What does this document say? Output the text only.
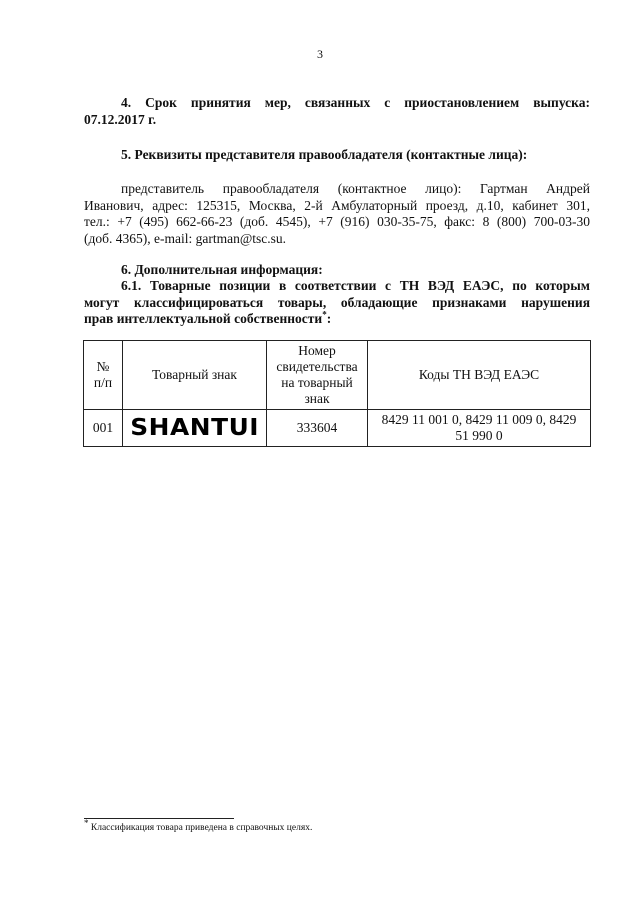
3
4. Срок принятия мер, связанных с приостановлением выпуска:
07.12.2017 г.
5. Реквизиты представителя правообладателя (контактные лица):
представитель правообладателя (контактное лицо): Гартман Андрей
Иванович, адрес: 125315, Москва, 2-й Амбулаторный проезд, д.10, кабинет 301,
тел.: +7 (495) 662-66-23 (доб. 4545), +7 (916) 030-35-75, факс: 8 (800) 700-03-30
(доб. 4365), e-mail: gartman@tsc.su.
6. Дополнительная информация:
6.1. Товарные позиции в соответствии с ТН ВЭД ЕАЭС, по которым
могут классифицироваться товары, обладающие признаками нарушения
прав интеллектуальной собственности*:
№
п/п	Товарный знак	Номер свидетельства на товарный знак	Коды ТН ВЭД ЕАЭС
001	SHANTUI	333604	8429 11 001 0, 8429 11 009 0, 8429
51 990 0
* Классификация товара приведена в справочных целях.
